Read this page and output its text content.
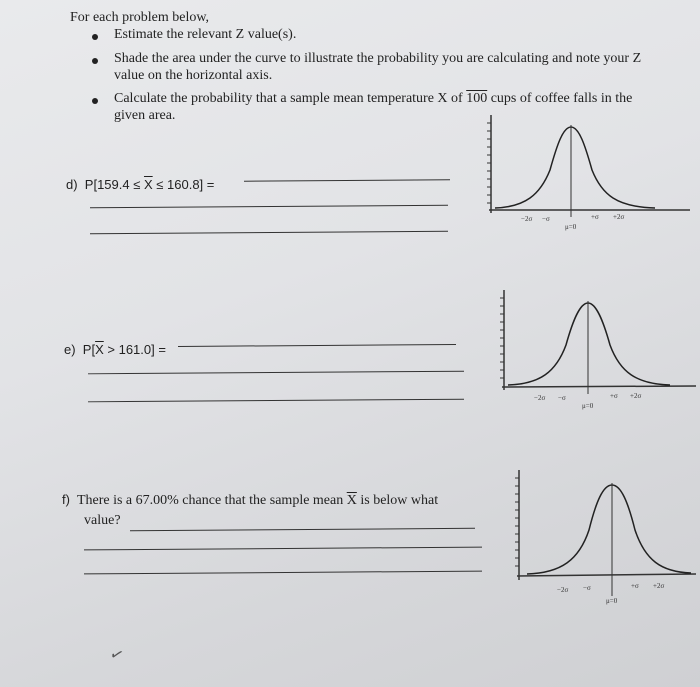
For each problem below,
Estimate the relevant Z value(s).
Shade the area under the curve to illustrate the probability you are calculating and note your Z
value on the horizontal axis.
Calculate the probability that a sample mean temperature X of 100 cups of coffee falls in the
given area.
d) $P[159.4 \le \overline{X} \le 160.8]$ =
e) $P[\overline{X} > 161.0]$ =
f) There is a 67.00% chance that the sample mean $\overline{X}$ is below what
value?
✓
−2σ −σ	+σ +2σ
μ=0
−2σ −σ	+σ +2σ
μ=0
−2σ −σ	+σ +2σ
μ=0
